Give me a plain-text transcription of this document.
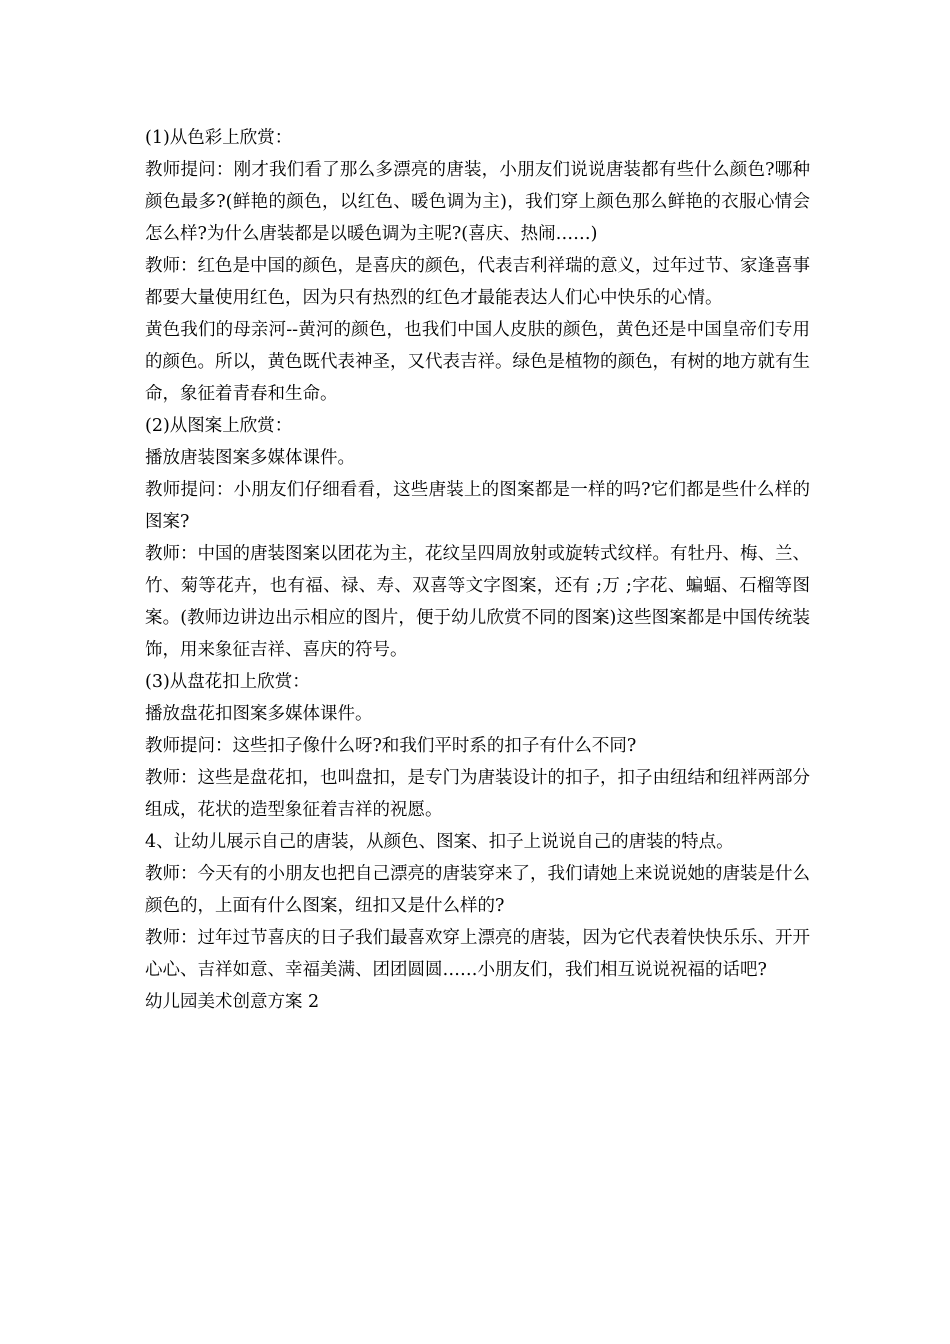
(1)从色彩上欣赏：

教师提问：刚才我们看了那么多漂亮的唐装，小朋友们说说唐装都有些什么颜色?哪种颜色最多?(鲜艳的颜色，以红色、暖色调为主)，我们穿上颜色那么鲜艳的衣服心情会怎么样?为什么唐装都是以暖色调为主呢?(喜庆、热闹……)

教师：红色是中国的颜色，是喜庆的颜色，代表吉利祥瑞的意义，过年过节、家逢喜事都要大量使用红色，因为只有热烈的红色才最能表达人们心中快乐的心情。

黄色我们的母亲河--黄河的颜色，也我们中国人皮肤的颜色，黄色还是中国皇帝们专用的颜色。所以，黄色既代表神圣，又代表吉祥。绿色是植物的颜色，有树的地方就有生命，象征着青春和生命。

(2)从图案上欣赏：

播放唐装图案多媒体课件。

教师提问：小朋友们仔细看看，这些唐装上的图案都是一样的吗?它们都是些什么样的图案?

教师：中国的唐装图案以团花为主，花纹呈四周放射或旋转式纹样。有牡丹、梅、兰、竹、菊等花卉，也有福、禄、寿、双喜等文字图案，还有 ;万 ;字花、蝙蝠、石榴等图案。(教师边讲边出示相应的图片，便于幼儿欣赏不同的图案)这些图案都是中国传统装饰，用来象征吉祥、喜庆的符号。

(3)从盘花扣上欣赏：

播放盘花扣图案多媒体课件。

教师提问：这些扣子像什么呀?和我们平时系的扣子有什么不同?

教师：这些是盘花扣，也叫盘扣，是专门为唐装设计的扣子，扣子由纽结和纽袢两部分组成，花状的造型象征着吉祥的祝愿。

4、让幼儿展示自己的唐装，从颜色、图案、扣子上说说自己的唐装的特点。

教师：今天有的小朋友也把自己漂亮的唐装穿来了，我们请她上来说说她的唐装是什么颜色的，上面有什么图案，纽扣又是什么样的?

教师：过年过节喜庆的日子我们最喜欢穿上漂亮的唐装，因为它代表着快快乐乐、开开心心、吉祥如意、幸福美满、团团圆圆……小朋友们，我们相互说说祝福的话吧?

幼儿园美术创意方案 2
